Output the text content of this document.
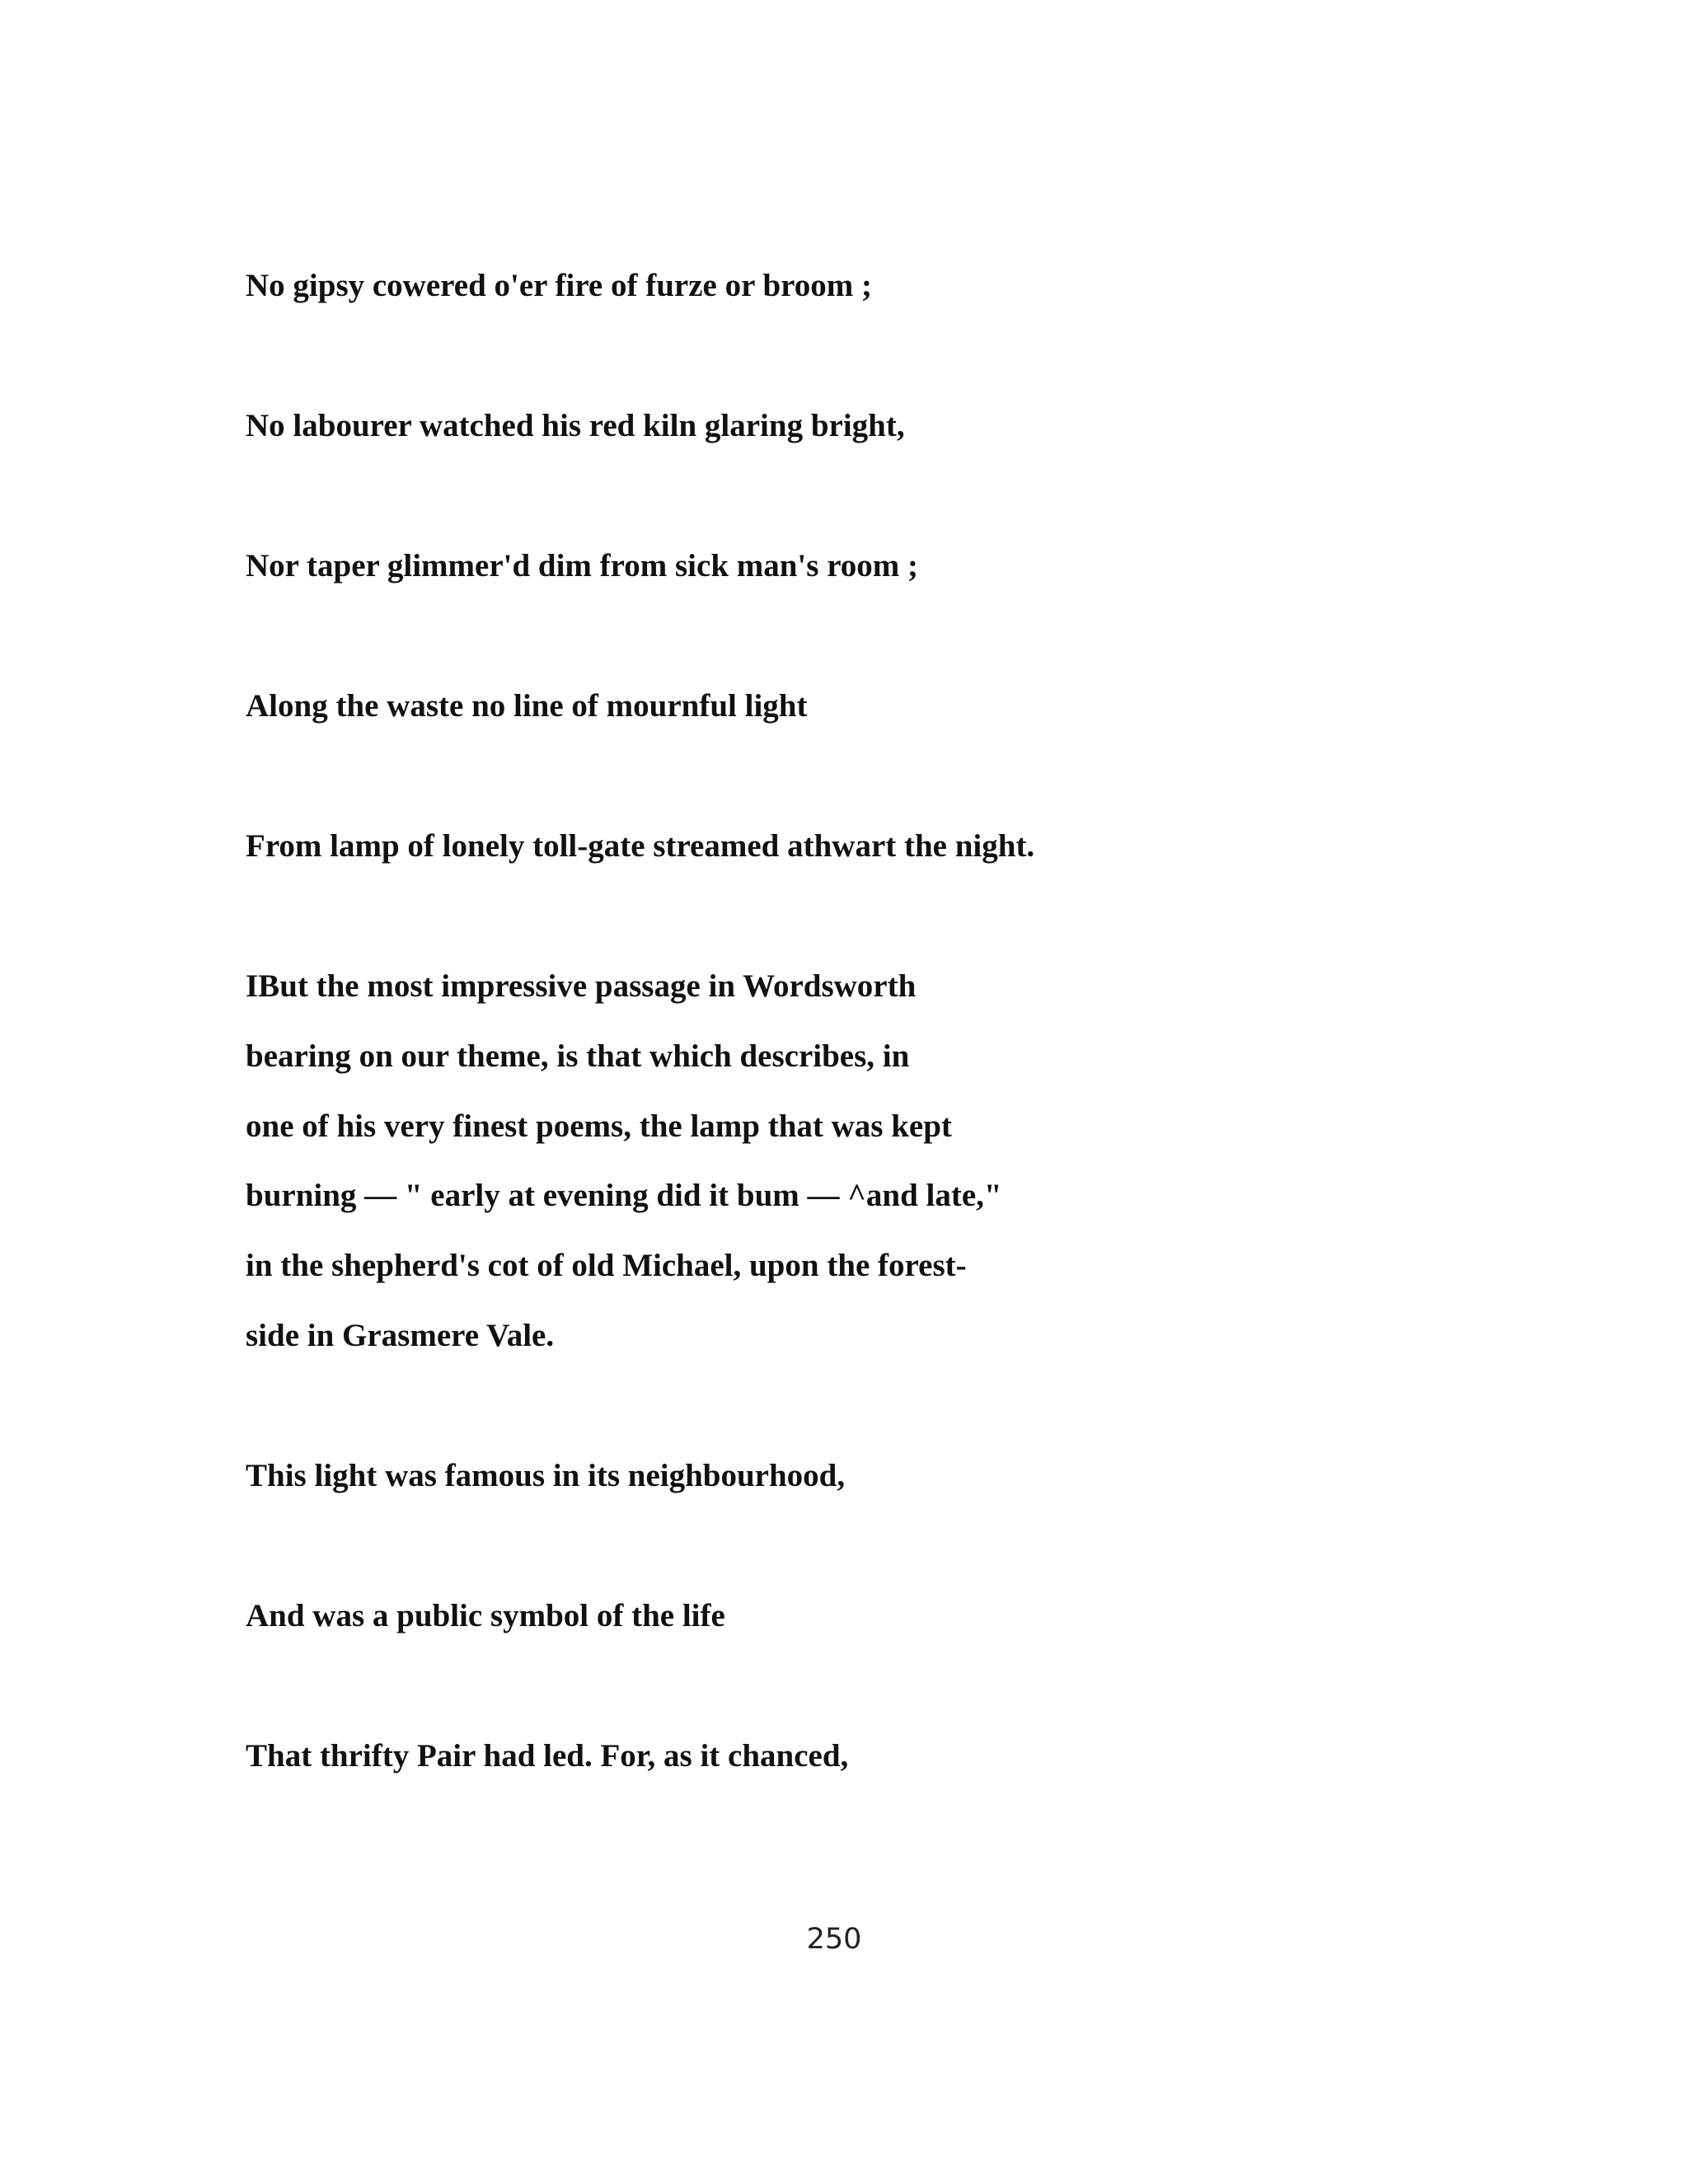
No gipsy cowered o'er fire of furze or broom ;

No labourer watched his red kiln glaring bright,

Nor taper glimmer'd dim from sick man's room ;

Along the waste no line of mournful light

From lamp of lonely toll-gate streamed athwart the night.

IBut the most impressive passage in Wordsworth

bearing on our theme, is that which describes, in

one of his very finest poems, the lamp that was kept

burning — " early at evening did it bum — ^and late,"

in the shepherd's cot of old Michael, upon the forest-

side in Grasmere Vale.

This light was famous in its neighbourhood,

And was a public symbol of the life

That thrifty Pair had led. For, as it chanced,

250
